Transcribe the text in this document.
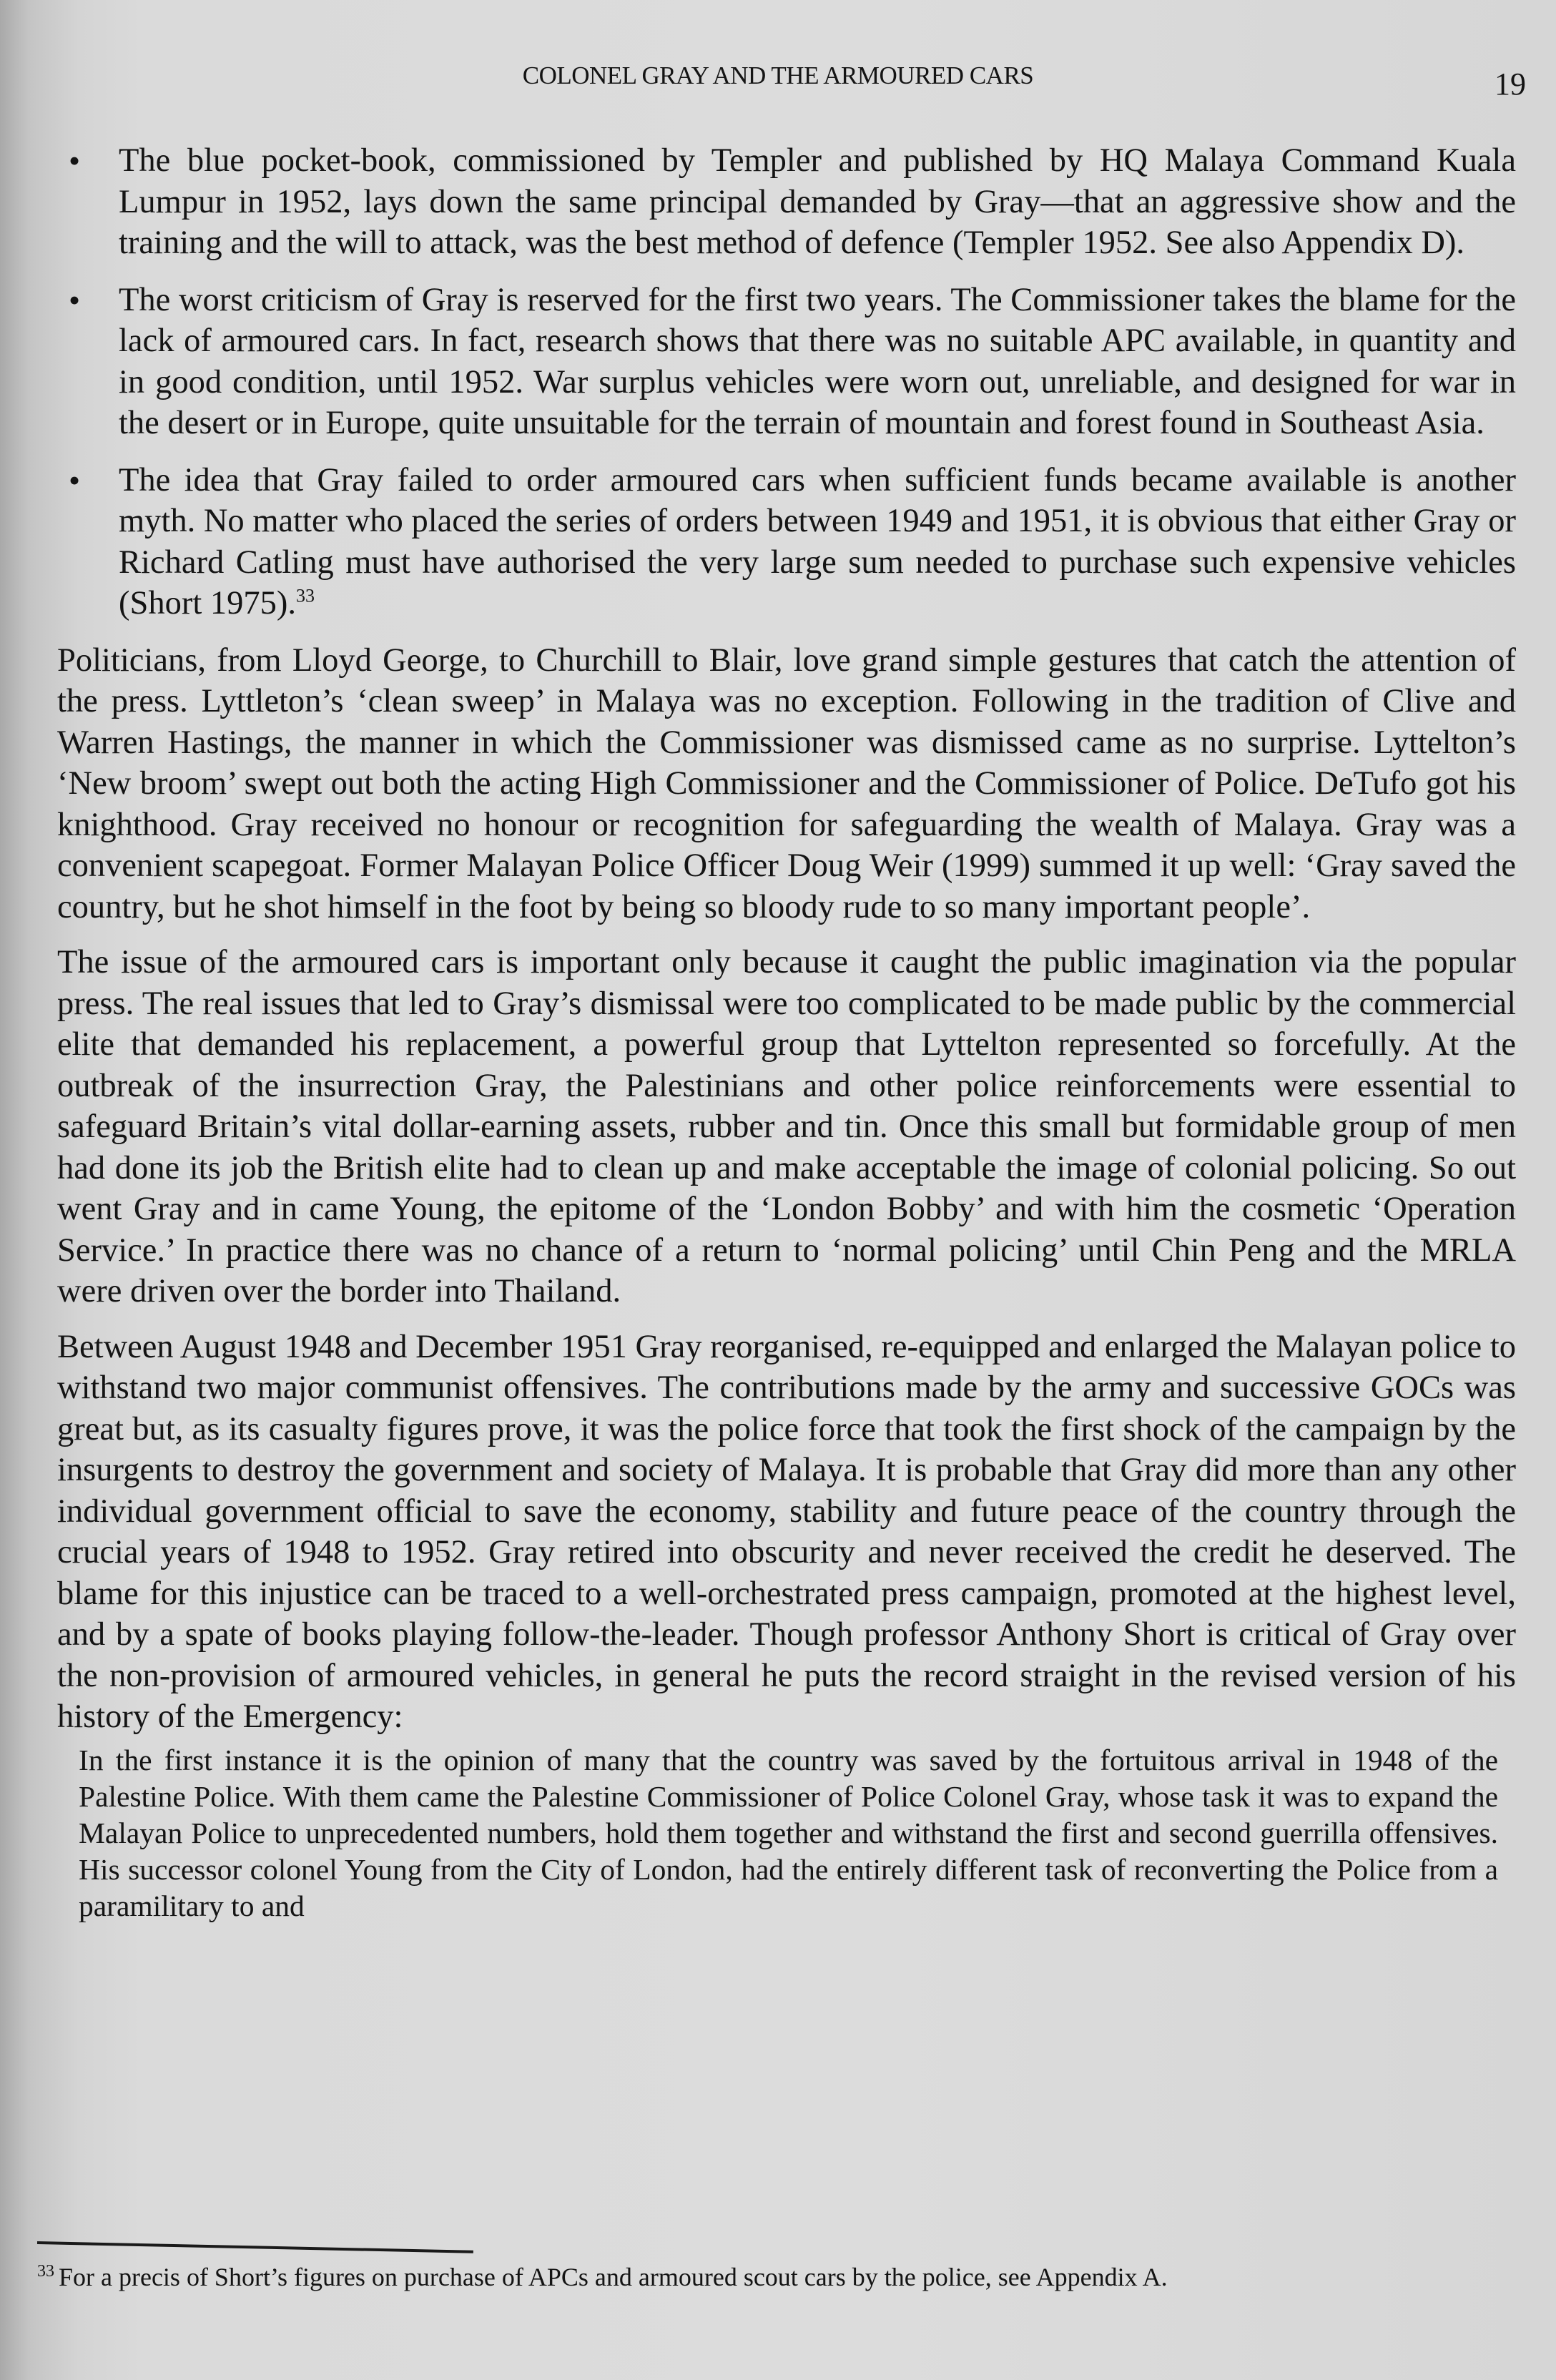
COLONEL GRAY AND THE ARMOURED CARS	19
• The blue pocket-book, commissioned by Templer and published by HQ Malaya Command Kuala Lumpur in 1952, lays down the same principal demanded by Gray—that an aggressive show and the training and the will to attack, was the best method of defence (Templer 1952. See also Appendix D).
• The worst criticism of Gray is reserved for the first two years. The Commissioner takes the blame for the lack of armoured cars. In fact, research shows that there was no suitable APC available, in quantity and in good condition, until 1952. War surplus vehicles were worn out, unreliable, and designed for war in the desert or in Europe, quite unsuitable for the terrain of mountain and forest found in Southeast Asia.
• The idea that Gray failed to order armoured cars when sufficient funds became available is another myth. No matter who placed the series of orders between 1949 and 1951, it is obvious that either Gray or Richard Catling must have authorised the very large sum needed to purchase such expensive vehicles (Short 1975).$^{33}$

Politicians, from Lloyd George, to Churchill to Blair, love grand simple gestures that catch the attention of the press. Lyttleton’s ‘clean sweep’ in Malaya was no exception. Following in the tradition of Clive and Warren Hastings, the manner in which the Commissioner was dismissed came as no surprise. Lyttelton’s ‘New broom’ swept out both the acting High Commissioner and the Commissioner of Police. DeTufo got his knighthood. Gray received no honour or recognition for safeguarding the wealth of Malaya. Gray was a convenient scapegoat. Former Malayan Police Officer Doug Weir (1999) summed it up well: ‘Gray saved the country, but he shot himself in the foot by being so bloody rude to so many important people’.

The issue of the armoured cars is important only because it caught the public imagination via the popular press. The real issues that led to Gray’s dismissal were too complicated to be made public by the commercial elite that demanded his replacement, a powerful group that Lyttelton represented so forcefully. At the outbreak of the insurrection Gray, the Palestinians and other police reinforcements were essential to safeguard Britain’s vital dollar-earning assets, rubber and tin. Once this small but formidable group of men had done its job the British elite had to clean up and make acceptable the image of colonial policing. So out went Gray and in came Young, the epitome of the ‘London Bobby’ and with him the cosmetic ‘Operation Service.’ In practice there was no chance of a return to ‘normal policing’ until Chin Peng and the MRLA were driven over the border into Thailand.

Between August 1948 and December 1951 Gray reorganised, re-equipped and enlarged the Malayan police to withstand two major communist offensives. The contributions made by the army and successive GOCs was great but, as its casualty figures prove, it was the police force that took the first shock of the campaign by the insurgents to destroy the government and society of Malaya. It is probable that Gray did more than any other individual government official to save the economy, stability and future peace of the country through the crucial years of 1948 to 1952. Gray retired into obscurity and never received the credit he deserved. The blame for this injustice can be traced to a well-orchestrated press campaign, promoted at the highest level, and by a spate of books playing follow-the-leader. Though professor Anthony Short is critical of Gray over the non-provision of armoured vehicles, in general he puts the record straight in the revised version of his history of the Emergency:

In the first instance it is the opinion of many that the country was saved by the fortuitous arrival in 1948 of the Palestine Police. With them came the Palestine Commissioner of Police Colonel Gray, whose task it was to expand the Malayan Police to unprecedented numbers, hold them together and withstand the first and second guerrilla offensives. His successor colonel Young from the City of London, had the entirely different task of reconverting the Police from a paramilitary to and
$^{33}$ For a precis of Short’s figures on purchase of APCs and armoured scout cars by the police, see Appendix A.
